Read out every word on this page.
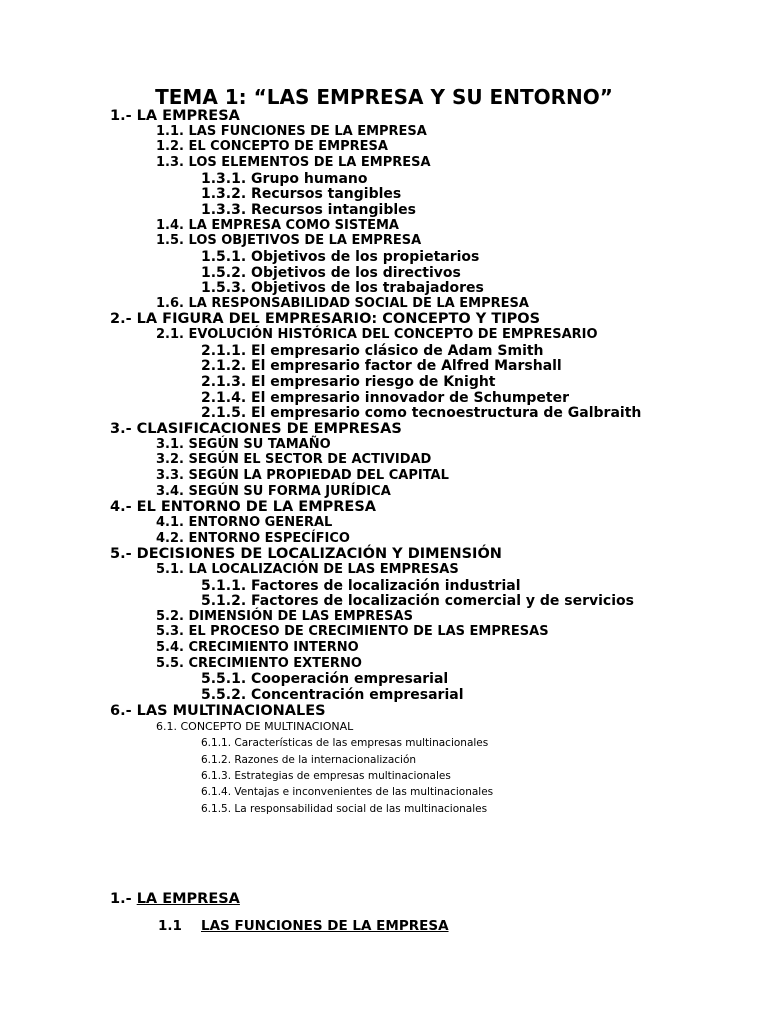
TEMA 1: “LAS EMPRESA Y SU ENTORNO”
1.- LA EMPRESA
1.1. LAS FUNCIONES DE LA EMPRESA
1.2. EL CONCEPTO DE EMPRESA
1.3. LOS ELEMENTOS DE LA EMPRESA
1.3.1. Grupo humano
1.3.2. Recursos tangibles
1.3.3. Recursos intangibles
1.4. LA EMPRESA COMO SISTEMA
1.5. LOS OBJETIVOS DE LA EMPRESA
1.5.1. Objetivos de los propietarios
1.5.2. Objetivos de los directivos
1.5.3. Objetivos de los trabajadores
1.6. LA RESPONSABILIDAD SOCIAL DE LA EMPRESA
2.- LA FIGURA DEL EMPRESARIO: CONCEPTO Y TIPOS
2.1. EVOLUCIÓN HISTÓRICA DEL CONCEPTO DE EMPRESARIO
2.1.1. El empresario clásico de Adam Smith
2.1.2. El empresario factor de Alfred Marshall
2.1.3. El empresario riesgo de Knight
2.1.4. El empresario innovador de Schumpeter
2.1.5. El empresario como tecnoestructura de Galbraith
3.- CLASIFICACIONES DE EMPRESAS
3.1. SEGÚN SU TAMAÑO
3.2. SEGÚN EL SECTOR DE ACTIVIDAD
3.3. SEGÚN LA PROPIEDAD DEL CAPITAL
3.4. SEGÚN SU FORMA JURÍDICA
4.- EL ENTORNO DE LA EMPRESA
4.1. ENTORNO GENERAL
4.2. ENTORNO ESPECÍFICO
5.- DECISIONES DE LOCALIZACIÓN Y DIMENSIÓN
5.1. LA LOCALIZACIÓN DE LAS EMPRESAS
5.1.1. Factores de localización industrial
5.1.2. Factores de localización comercial y de servicios
5.2. DIMENSIÓN DE LAS EMPRESAS
5.3. EL PROCESO DE CRECIMIENTO DE LAS EMPRESAS
5.4. CRECIMIENTO INTERNO
5.5. CRECIMIENTO EXTERNO
5.5.1. Cooperación empresarial
5.5.2. Concentración empresarial
6.- LAS MULTINACIONALES
6.1. CONCEPTO DE MULTINACIONAL
6.1.1. Características de las empresas multinacionales
6.1.2. Razones de la internacionalización
6.1.3. Estrategias de empresas multinacionales
6.1.4. Ventajas e inconvenientes de las multinacionales
6.1.5. La responsabilidad social de las multinacionales
1.- LA EMPRESA
1.1 LAS FUNCIONES DE LA EMPRESA
